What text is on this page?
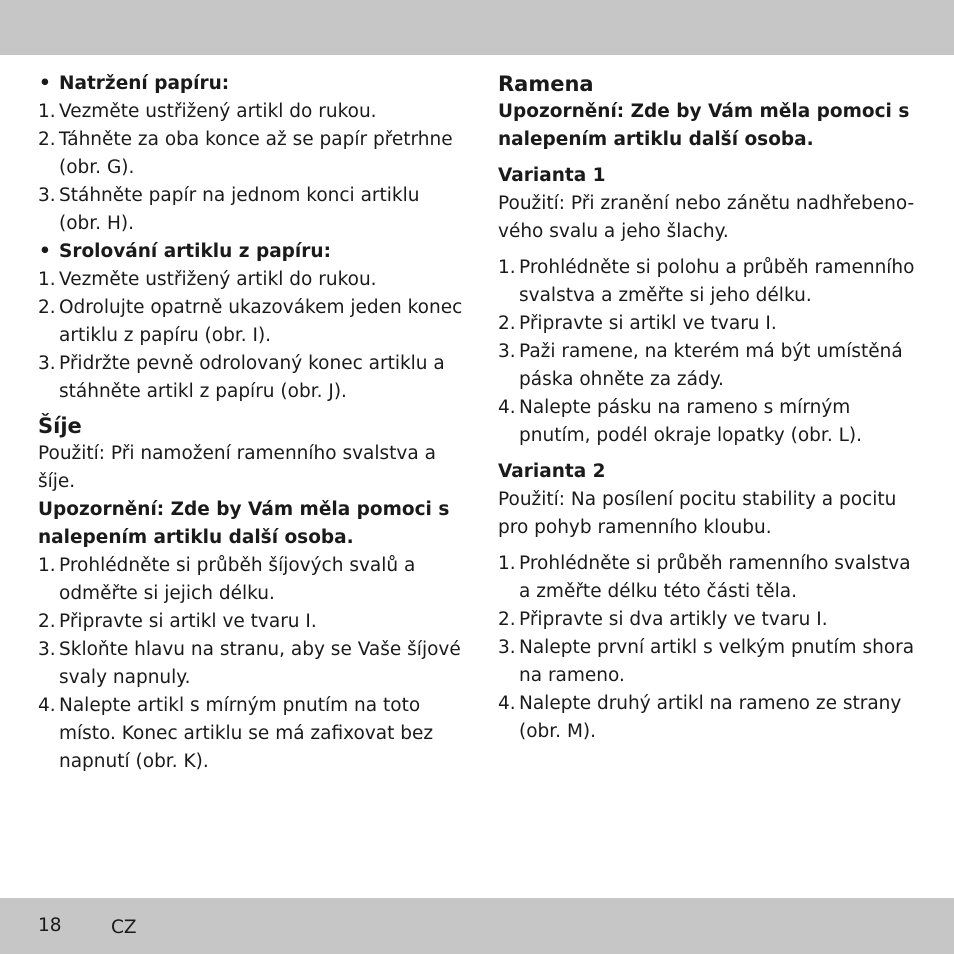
• Natržení papíru:
1. Vezměte ustřižený artikl do rukou.
2. Táhněte za oba konce až se papír přetrhne (obr. G).
3. Stáhněte papír na jednom konci artiklu (obr. H).
• Srolování artiklu z papíru:
1. Vezměte ustřižený artikl do rukou.
2. Odrolujte opatrně ukazovákem jeden konec artiklu z papíru (obr. I).
3. Přidržte pevně odrolovaný konec artiklu a stáhněte artikl z papíru (obr. J).
Šíje
Použití: Při namožení ramenního svalstva a šíje.
Upozornění: Zde by Vám měla pomoci s nalepením artiklu další osoba.
1. Prohlédněte si průběh šíjových svalů a odměřte si jejich délku.
2. Připravte si artikl ve tvaru I.
3. Skloňte hlavu na stranu, aby se Vaše šíjové svaly napnuly.
4. Nalepte artikl s mírným pnutím na toto místo. Konec artiklu se má zafixovat bez napnutí (obr. K).
Ramena
Upozornění: Zde by Vám měla pomoci s nalepením artiklu další osoba.
Varianta 1
Použití: Při zranění nebo zánětu nadhřebeno-vého svalu a jeho šlachy.
1. Prohlédněte si polohu a průběh ramenního svalstva a změřte si jeho délku.
2. Připravte si artikl ve tvaru I.
3. Paži ramene, na kterém má být umístěná páska ohněte za zády.
4. Nalepte pásku na rameno s mírným pnutím, podél okraje lopatky (obr. L).
Varianta 2
Použití: Na posílení pocitu stability a pocitu pro pohyb ramenního kloubu.
1. Prohlédněte si průběh ramenního svalstva a změřte délku této části těla.
2. Připravte si dva artikly ve tvaru I.
3. Nalepte první artikl s velkým pnutím shora na rameno.
4. Nalepte druhý artikl na rameno ze strany (obr. M).
18	CZ
